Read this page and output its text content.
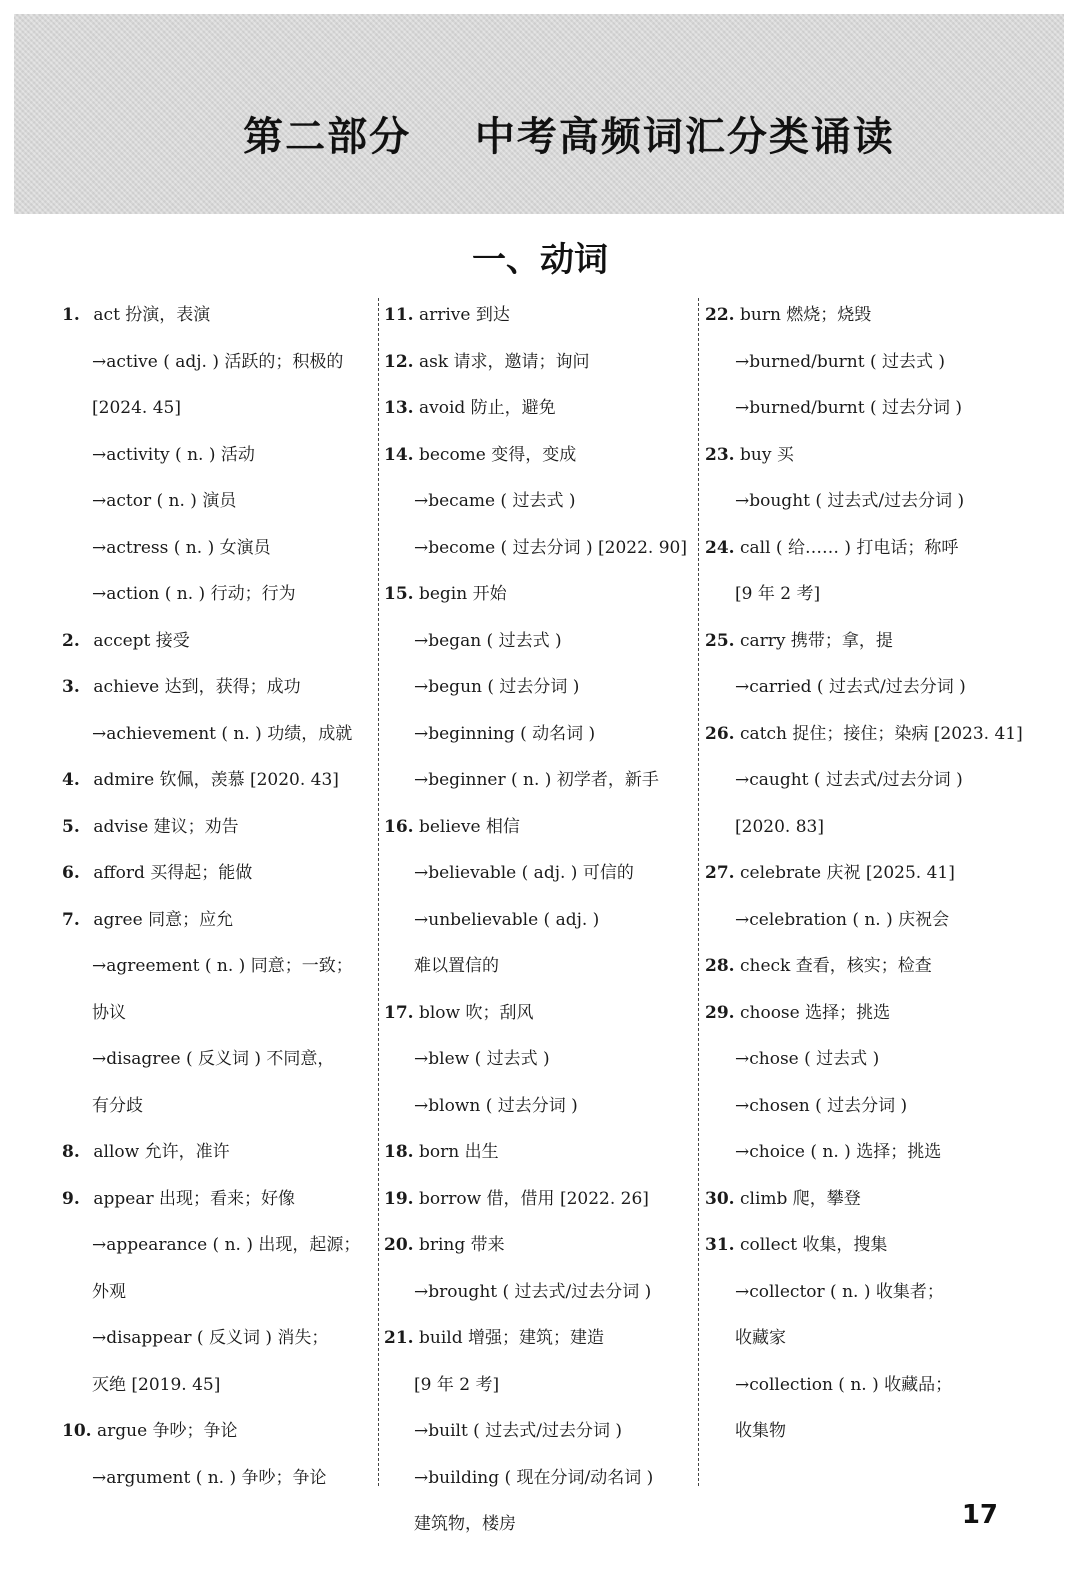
第二部分 中考高频词汇分类诵读
一、动词
1. act 扮演，表演
→active ( adj. ) 活跃的；积极的
[2024. 45]
→activity ( n. ) 活动
→actor ( n. ) 演员
→actress ( n. ) 女演员
→action ( n. ) 行动；行为
2. accept 接受
3. achieve 达到，获得；成功
→achievement ( n. ) 功绩，成就
4. admire 钦佩，羡慕 [2020. 43]
5. advise 建议；劝告
6. afford 买得起；能做
7. agree 同意；应允
→agreement ( n. ) 同意；一致；
协议
→disagree ( 反义词 ) 不同意，
有分歧
8. allow 允许，准许
9. appear 出现；看来；好像
→appearance ( n. ) 出现，起源；
外观
→disappear ( 反义词 ) 消失；
灭绝 [2019. 45]
10. argue 争吵；争论
→argument ( n. ) 争吵；争论
11. arrive 到达
12. ask 请求，邀请；询问
13. avoid 防止，避免
14. become 变得，变成
→became ( 过去式 )
→become ( 过去分词 ) [2022. 90]
15. begin 开始
→began ( 过去式 )
→begun ( 过去分词 )
→beginning ( 动名词 )
→beginner ( n. ) 初学者，新手
16. believe 相信
→believable ( adj. ) 可信的
→unbelievable ( adj. )
难以置信的
17. blow 吹；刮风
→blew ( 过去式 )
→blown ( 过去分词 )
18. born 出生
19. borrow 借，借用 [2022. 26]
20. bring 带来
→brought ( 过去式/过去分词 )
21. build 增强；建筑；建造
[9 年 2 考]
→built ( 过去式/过去分词 )
→building ( 现在分词/动名词 )
建筑物，楼房
22. burn 燃烧；烧毁
→burned/burnt ( 过去式 )
→burned/burnt ( 过去分词 )
23. buy 买
→bought ( 过去式/过去分词 )
24. call ( 给…… ) 打电话；称呼
[9 年 2 考]
25. carry 携带；拿，提
→carried ( 过去式/过去分词 )
26. catch 捉住；接住；染病 [2023. 41]
→caught ( 过去式/过去分词 )
[2020. 83]
27. celebrate 庆祝 [2025. 41]
→celebration ( n. ) 庆祝会
28. check 查看，核实；检查
29. choose 选择；挑选
→chose ( 过去式 )
→chosen ( 过去分词 )
→choice ( n. ) 选择；挑选
30. climb 爬，攀登
31. collect 收集，搜集
→collector ( n. ) 收集者；
收藏家
→collection ( n. ) 收藏品；
收集物
17
